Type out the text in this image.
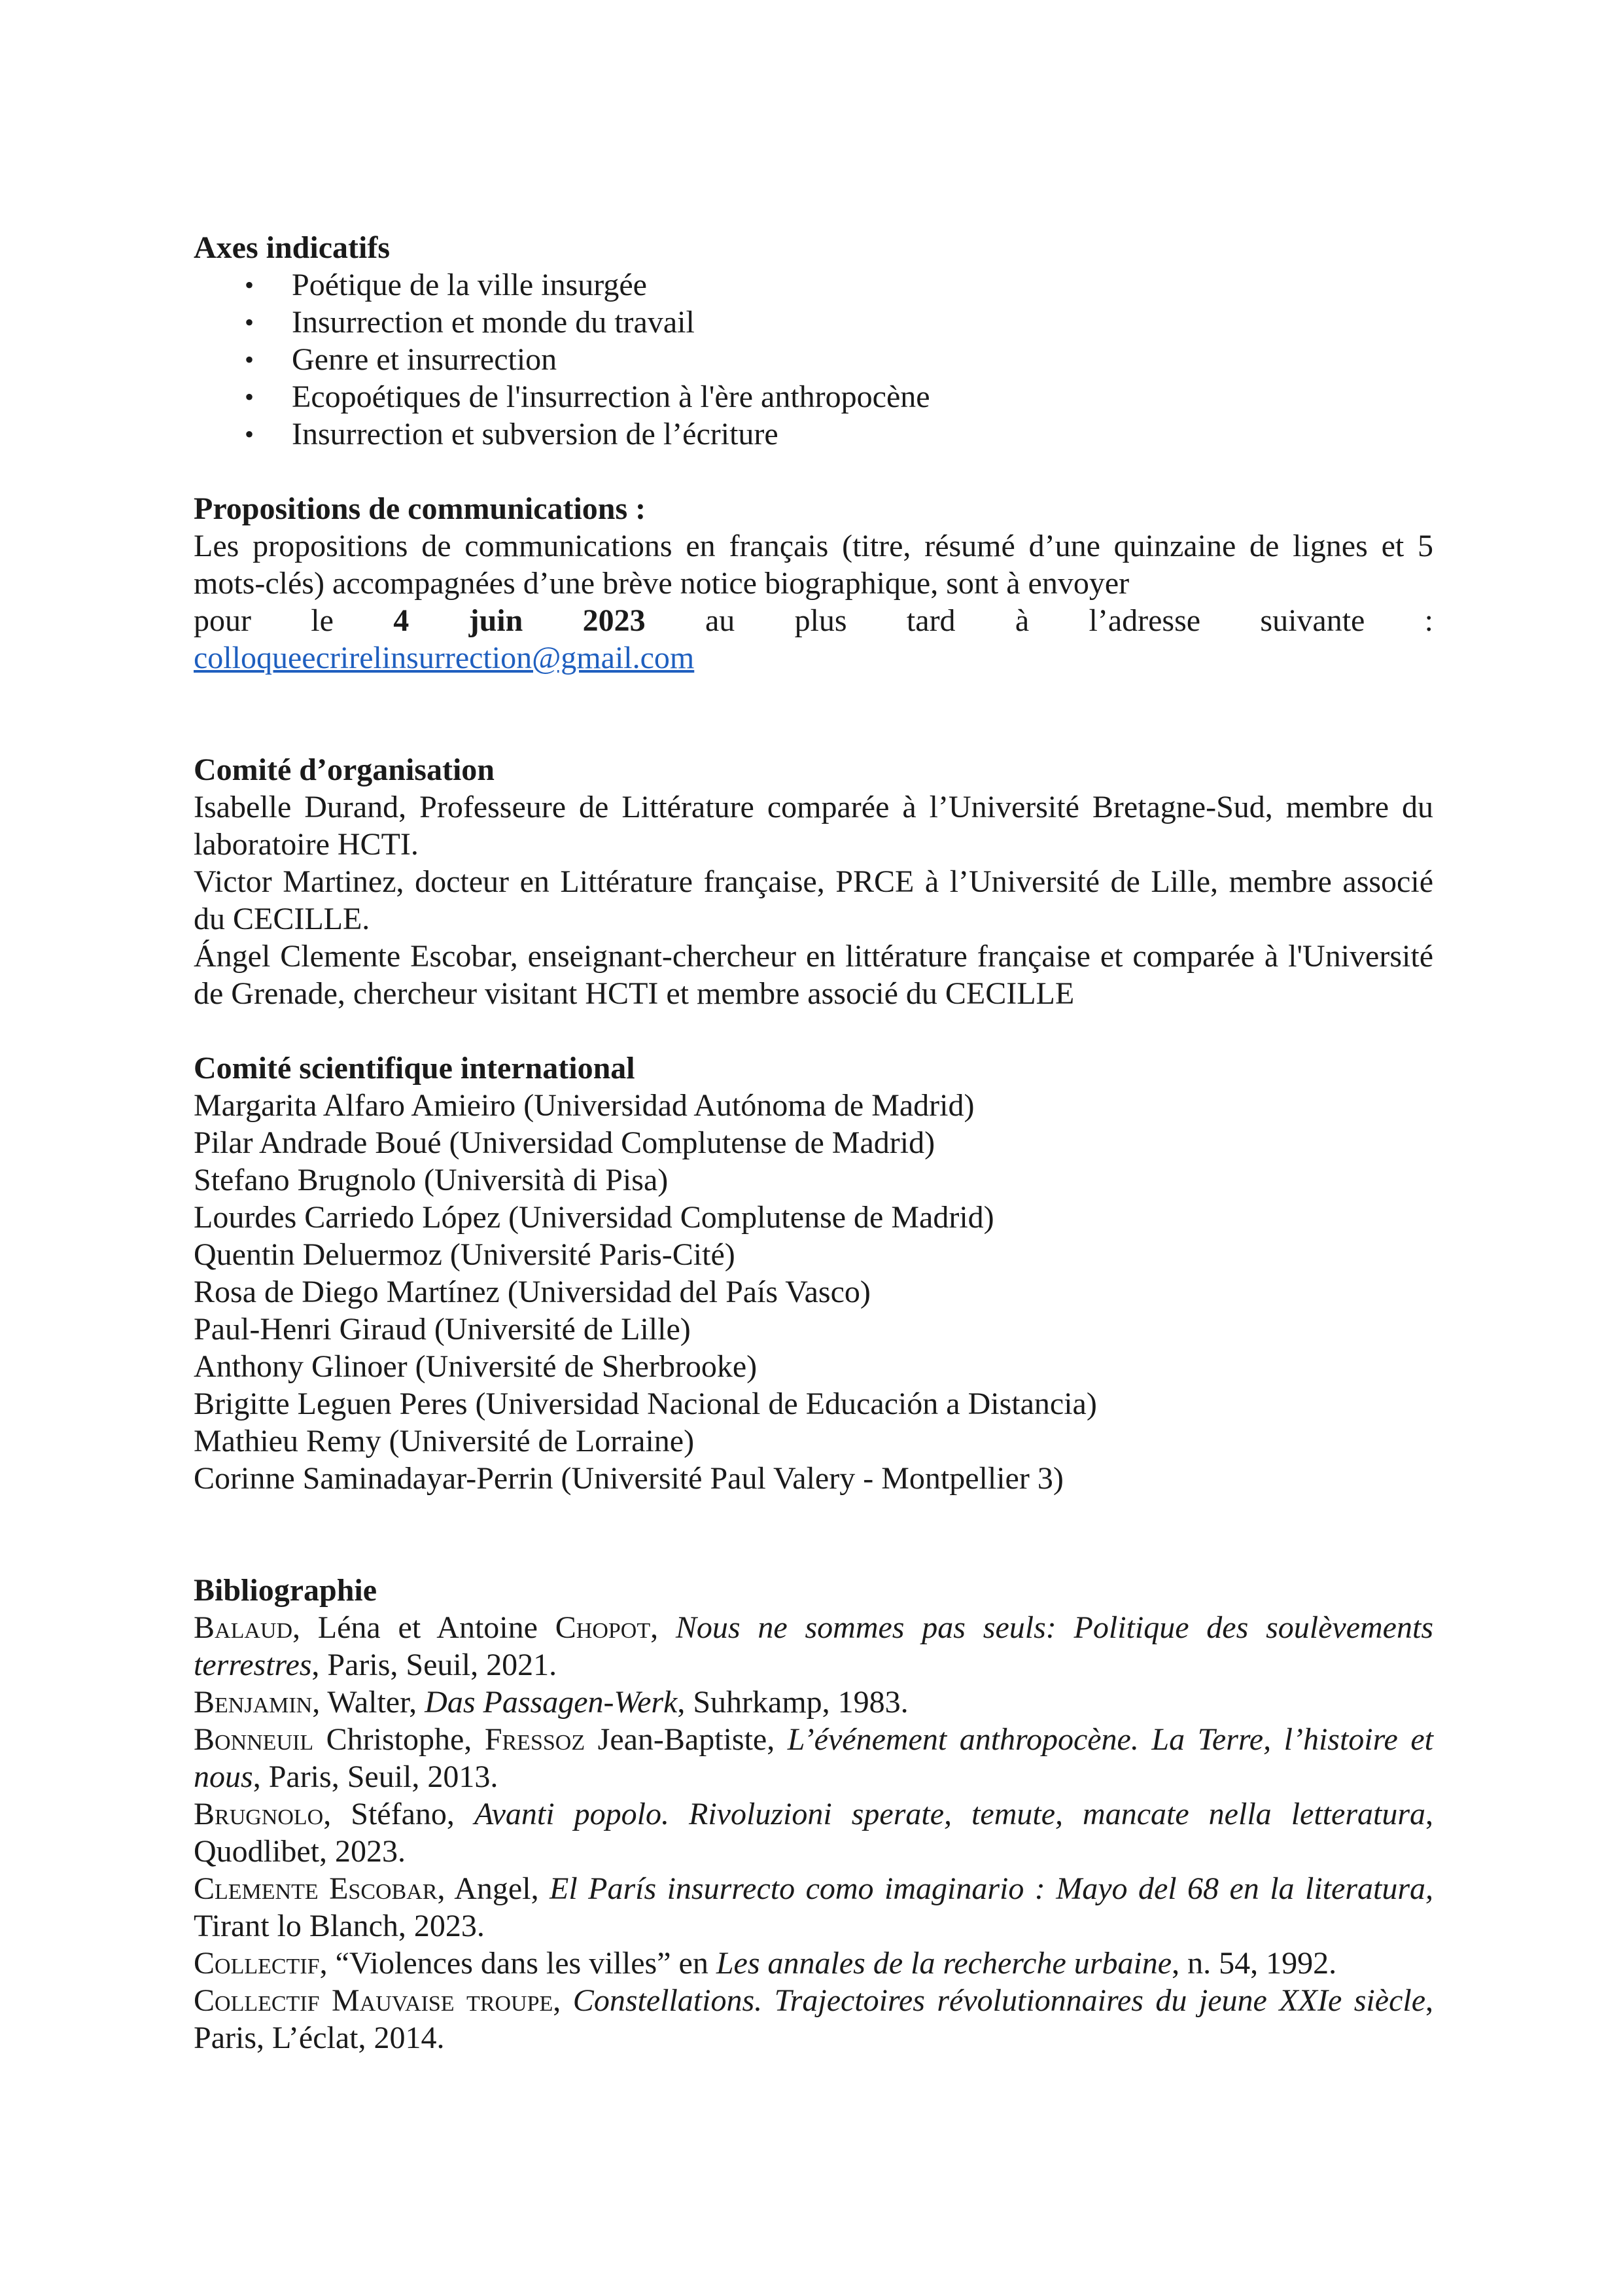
Axes indicatifs
• Poétique de la ville insurgée
• Insurrection et monde du travail
• Genre et insurrection
• Ecopoétiques de l'insurrection à l'ère anthropocène
• Insurrection et subversion de l’écriture
Propositions de communications :

Les propositions de communications en français (titre, résumé d’une quinzaine de lignes et 5 mots-clés) accompagnées d’une brève notice biographique, sont à envoyer

pour le 4 juin 2023 au plus tard à l’adresse suivante :

colloqueecrirelinsurrection@gmail.com

Comité d’organisation

Isabelle Durand, Professeure de Littérature comparée à l’Université Bretagne-Sud, membre du laboratoire HCTI.

Victor Martinez, docteur en Littérature française, PRCE à l’Université de Lille, membre associé du CECILLE.

Ángel Clemente Escobar, enseignant-chercheur en littérature française et comparée à l'Université de Grenade, chercheur visitant HCTI et membre associé du CECILLE

Comité scientifique international
Margarita Alfaro Amieiro (Universidad Autónoma de Madrid)
Pilar Andrade Boué (Universidad Complutense de Madrid)
Stefano Brugnolo (Università di Pisa)
Lourdes Carriedo López (Universidad Complutense de Madrid)
Quentin Deluermoz (Université Paris-Cité)
Rosa de Diego Martínez (Universidad del País Vasco)
Paul-Henri Giraud (Université de Lille)
Anthony Glinoer (Université de Sherbrooke)
Brigitte Leguen Peres (Universidad Nacional de Educación a Distancia)
Mathieu Remy (Université de Lorraine)
Corinne Saminadayar-Perrin (Université Paul Valery - Montpellier 3)
Bibliographie

Balaud, Léna et Antoine Chopot, Nous ne sommes pas seuls: Politique des soulèvements terrestres, Paris, Seuil, 2021.

Benjamin, Walter, Das Passagen-Werk, Suhrkamp, 1983.

Bonneuil Christophe, Fressoz Jean-Baptiste, L’événement anthropocène. La Terre, l’histoire et nous, Paris, Seuil, 2013.

Brugnolo, Stéfano, Avanti popolo. Rivoluzioni sperate, temute, mancate nella letteratura, Quodlibet, 2023.

Clemente Escobar, Angel, El París insurrecto como imaginario : Mayo del 68 en la literatura, Tirant lo Blanch, 2023.

Collectif, “Violences dans les villes” en Les annales de la recherche urbaine, n. 54, 1992.

Collectif Mauvaise troupe, Constellations. Trajectoires révolutionnaires du jeune XXIe siècle, Paris, L’éclat, 2014.
